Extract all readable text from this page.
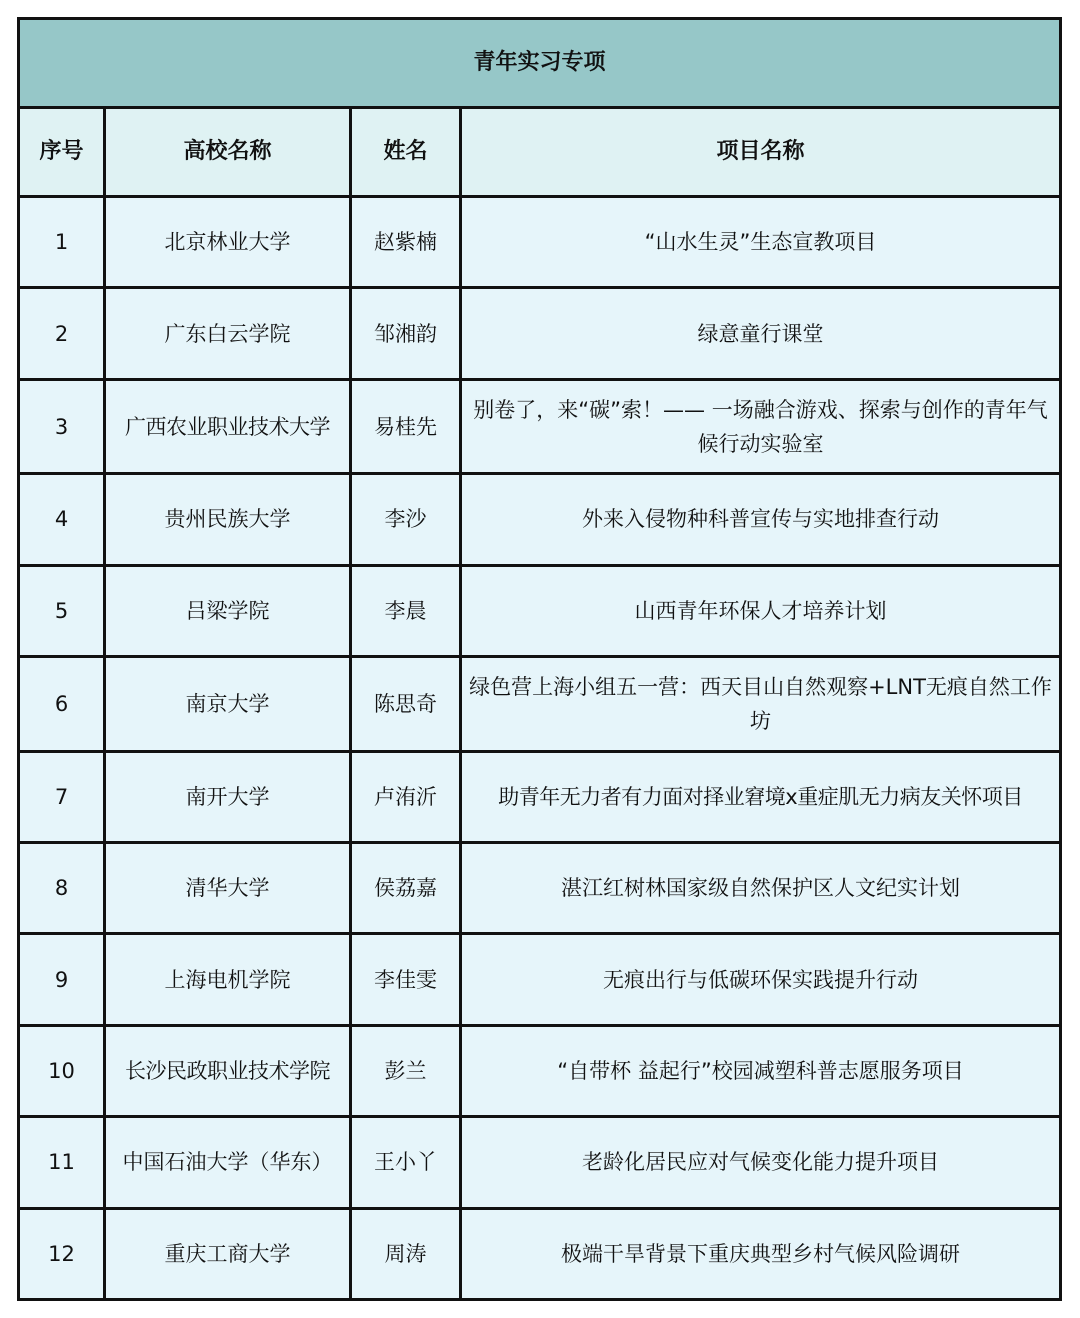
青年实习专项			
序号	高校名称	姓名	项目名称
1	北京林业大学	赵紫楠	“山水生灵”生态宣教项目
2	广东白云学院	邹湘韵	绿意童行课堂
3	广西农业职业技术大学	易桂先	别卷了，来“碳”索！—— 一场融合游戏、探索与创作的青年气候行动实验室
4	贵州民族大学	李沙	外来入侵物种科普宣传与实地排查行动
5	吕梁学院	李晨	山西青年环保人才培养计划
6	南京大学	陈思奇	绿色营上海小组五一营：西天目山自然观察+LNT无痕自然工作坊
7	南开大学	卢洧沂	助青年无力者有力面对择业窘境x重症肌无力病友关怀项目
8	清华大学	侯荔嘉	湛江红树林国家级自然保护区人文纪实计划
9	上海电机学院	李佳雯	无痕出行与低碳环保实践提升行动
10	长沙民政职业技术学院	彭兰	“自带杯 益起行”校园减塑科普志愿服务项目
11	中国石油大学（华东）	王小丫	老龄化居民应对气候变化能力提升项目
12	重庆工商大学	周涛	极端干旱背景下重庆典型乡村气候风险调研
